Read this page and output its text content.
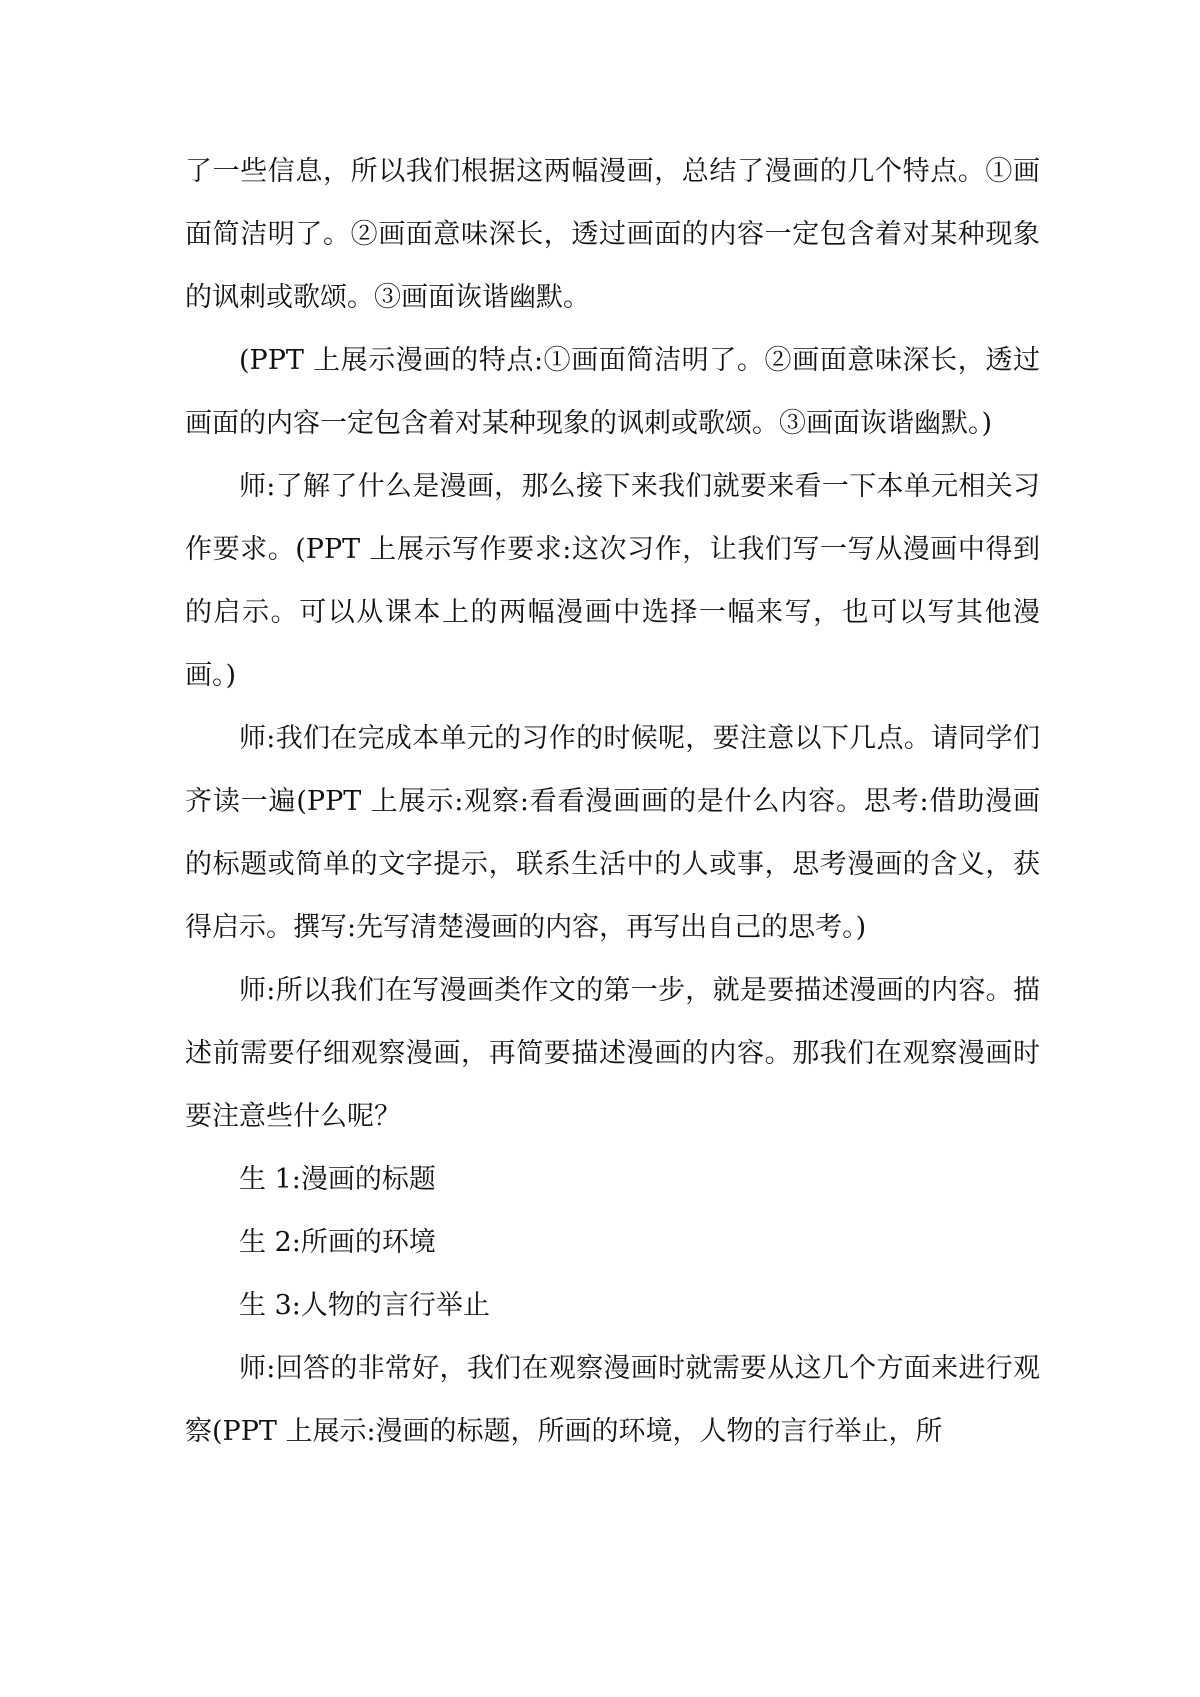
了一些信息，所以我们根据这两幅漫画，总结了漫画的几个特点。①画面简洁明了。②画面意味深长，透过画面的内容一定包含着对某种现象的讽刺或歌颂。③画面诙谐幽默。

(PPT 上展示漫画的特点:①画面简洁明了。②画面意味深长，透过画面的内容一定包含着对某种现象的讽刺或歌颂。③画面诙谐幽默。)

师:了解了什么是漫画，那么接下来我们就要来看一下本单元相关习作要求。(PPT 上展示写作要求:这次习作，让我们写一写从漫画中得到的启示。可以从课本上的两幅漫画中选择一幅来写，也可以写其他漫画。)

师:我们在完成本单元的习作的时候呢，要注意以下几点。请同学们齐读一遍(PPT 上展示:观察:看看漫画画的是什么内容。思考:借助漫画的标题或简单的文字提示，联系生活中的人或事，思考漫画的含义，获得启示。撰写:先写清楚漫画的内容，再写出自己的思考。)

师:所以我们在写漫画类作文的第一步，就是要描述漫画的内容。描述前需要仔细观察漫画，再简要描述漫画的内容。那我们在观察漫画时要注意些什么呢？

生 1:漫画的标题

生 2:所画的环境

生 3:人物的言行举止

师:回答的非常好，我们在观察漫画时就需要从这几个方面来进行观察(PPT 上展示:漫画的标题，所画的环境，人物的言行举止，所
